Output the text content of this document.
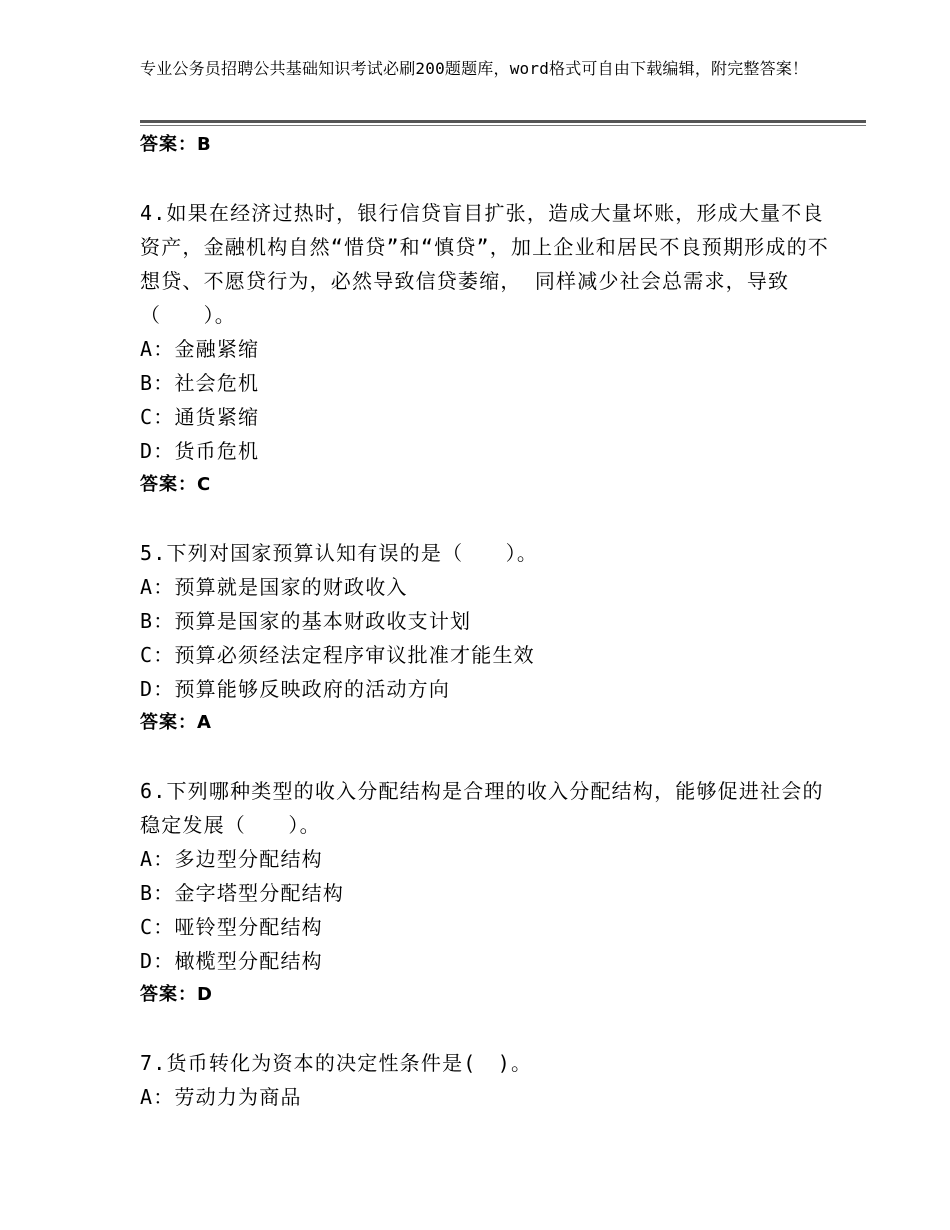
专业公务员招聘公共基础知识考试必刷200题题库，word格式可自由下载编辑，附完整答案！
答案：B
4.如果在经济过热时，银行信贷盲目扩张，造成大量坏账，形成大量不良资产，金融机构自然“惜贷”和“慎贷”，加上企业和居民不良预期形成的不想贷、不愿贷行为，必然导致信贷萎缩， 同样减少社会总需求，导致（　　）。
A：金融紧缩
B：社会危机
C：通货紧缩
D：货币危机
答案：C
5.下列对国家预算认知有误的是（　　）。
A：预算就是国家的财政收入
B：预算是国家的基本财政收支计划
C：预算必须经法定程序审议批准才能生效
D：预算能够反映政府的活动方向
答案：A
6.下列哪种类型的收入分配结构是合理的收入分配结构，能够促进社会的稳定发展（　　）。
A：多边型分配结构
B：金字塔型分配结构
C：哑铃型分配结构
D：橄榄型分配结构
答案：D
7.货币转化为资本的决定性条件是(　)。
A：劳动力为商品
